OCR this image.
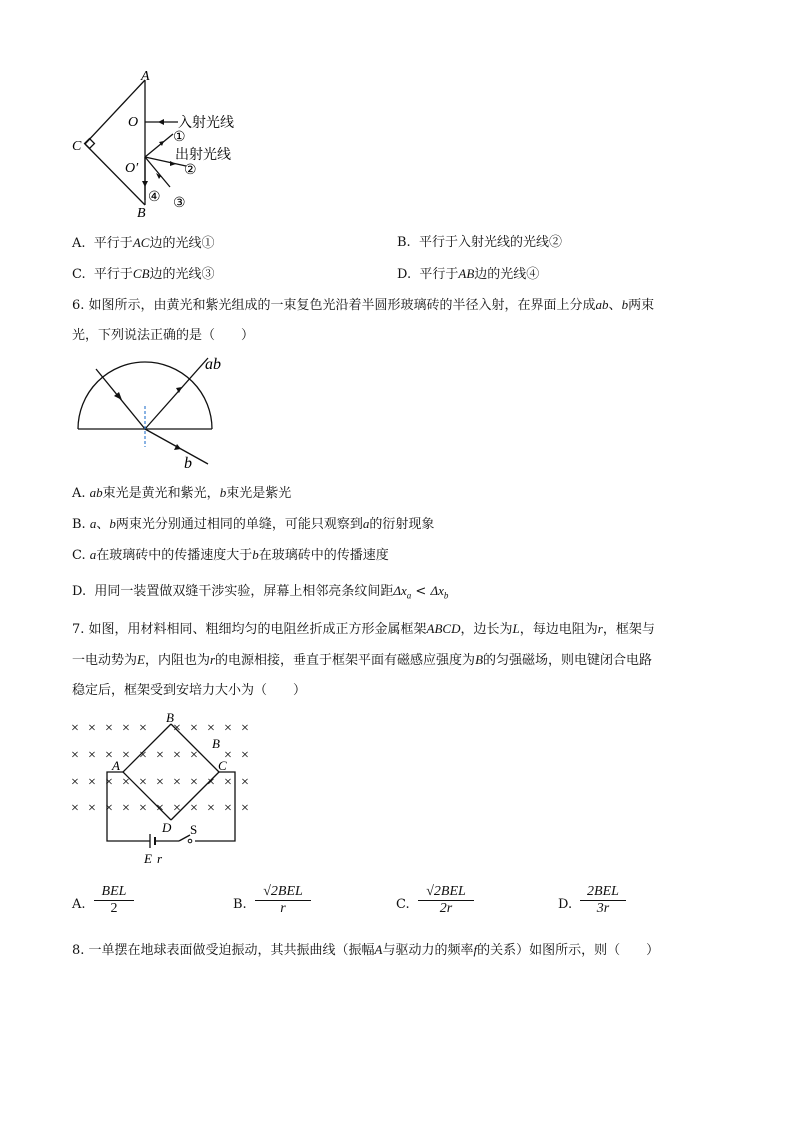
A
C
O
O′
B
入射光线
①
出射光线
②
③
④
A. 平行于AC边的光线①	B. 平行于入射光线的光线②
C. 平行于CB边的光线③	D. 平行于AB边的光线④
6. 如图所示，由黄光和紫光组成的一束复色光沿着半圆形玻璃砖的半径入射，在界面上分成ab、b两束
光，下列说法正确的是（　　）
ab
b
A. ab束光是黄光和紫光，b束光是紫光
B. a、b两束光分别通过相同的单缝，可能只观察到a的衍射现象
C. a在玻璃砖中的传播速度大于b在玻璃砖中的传播速度
D. 用同一装置做双缝干涉实验，屏幕上相邻亮条纹间距$\Delta x_a < \Delta x_b$
7. 如图，用材料相同、粗细均匀的电阻丝折成正方形金属框架ABCD，边长为L，每边电阻为r，框架与
一电动势为E，内阻也为r的电源相接，垂直于框架平面有磁感应强度为B的匀强磁场，则电键闭合电路
稳定后，框架受到安培力大小为（　　）
× × × × × × × × × ×
× × × × × × × × × ×
× × × × × × × × × × ×
× × × × × × × × × × ×
B
B
A	C
D S
E r
A.
BEL
2	B.
√2BEL
r	C.
√2BEL
2r	D.
2BEL
3r
8. 一单摆在地球表面做受迫振动，其共振曲线（振幅A与驱动力的频率f的关系）如图所示，则（　　）
